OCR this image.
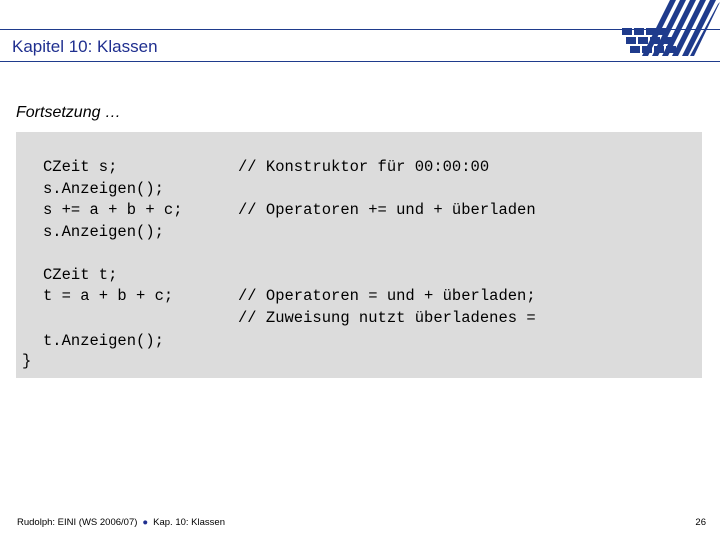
Kapitel 10: Klassen
Fortsetzung …
CZeit s;
s.Anzeigen();
s += a + b + c;
s.Anzeigen();
CZeit t;
t = a + b + c;
t.Anzeigen();
}
// Konstruktor für 00:00:00
// Operatoren += und + überladen
// Operatoren = und + überladen;
// Zuweisung nutzt überladenes =
Rudolph: EINI (WS 2006/07) ● Kap. 10: Klassen	26
